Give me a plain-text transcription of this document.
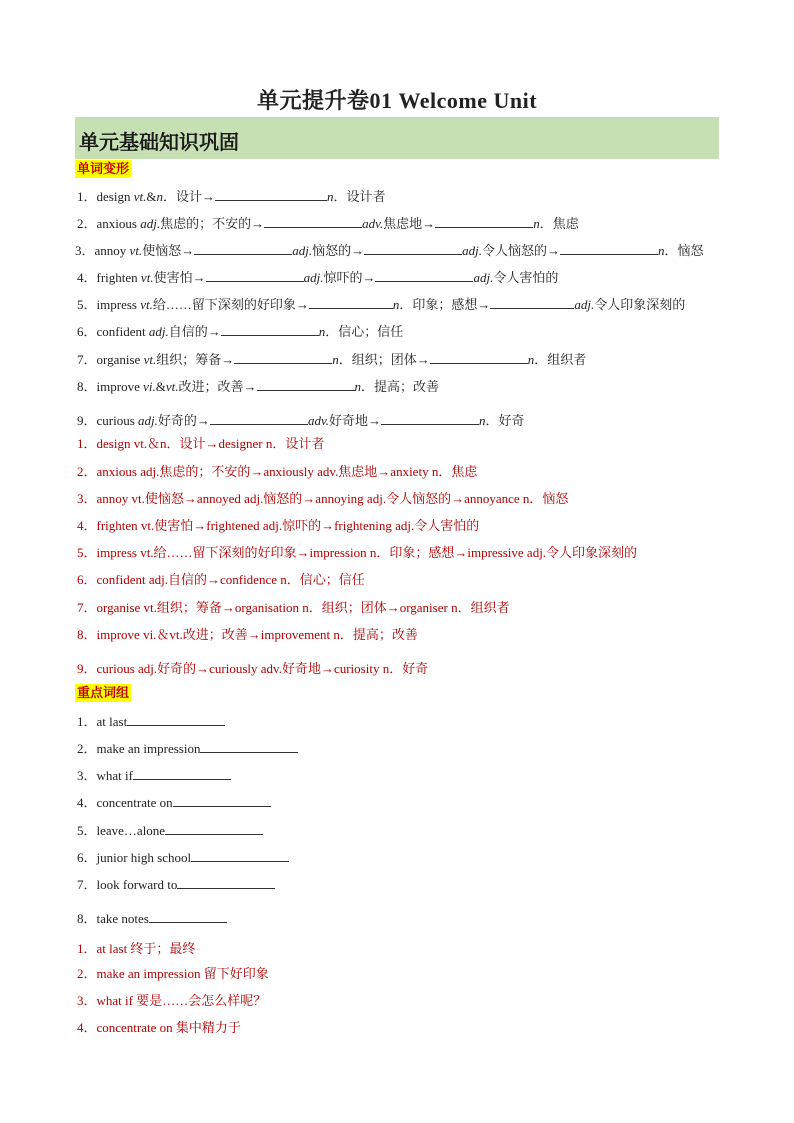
单元提升卷01 Welcome Unit
单元基础知识巩固
单词变形
1．design vt.&n．设计→	n．设计者
2．anxious adj.焦虑的；不安的→	adv.焦虑地→	n．焦虑
3．annoy vt.使恼怒→	adj.恼怒的→	adj.令人恼怒的→	n．恼怒
4．frighten vt.使害怕→	adj.惊吓的→	adj.令人害怕的
5．impress vt.给……留下深刻的好印象→	n．印象；感想→	adj.令人印象深刻的
6．confident adj.自信的→	n．信心；信任
7．organise vt.组织；筹备→	n．组织；团体→	n．组织者
8．improve vi.&vt.改进；改善→	n．提高；改善
9．curious adj.好奇的→	adv.好奇地→	n．好奇
1．design vt.＆n．设计→designer n．设计者
2．anxious adj.焦虑的；不安的→anxiously adv.焦虑地→anxiety n．焦虑
3．annoy vt.使恼怒→annoyed adj.恼怒的→annoying adj.令人恼怒的→annoyance n．恼怒
4．frighten vt.使害怕→frightened adj.惊吓的→frightening adj.令人害怕的
5．impress vt.给……留下深刻的好印象→impression n．印象；感想→impressive adj.令人印象深刻的
6．confident adj.自信的→confidence n．信心；信任
7．organise vt.组织；筹备→organisation n．组织；团体→organiser n．组织者
8．improve vi.＆vt.改进；改善→improvement n．提高；改善
9．curious adj.好奇的→curiously adv.好奇地→curiosity n．好奇
重点词组
1．at last
2．make an impression
3．what if
4．concentrate on
5．leave…alone
6．junior high school
7．look forward to
8．take notes
1．at last 终于；最终
2．make an impression 留下好印象
3．what if 要是……会怎么样呢？
4．concentrate on 集中精力于
